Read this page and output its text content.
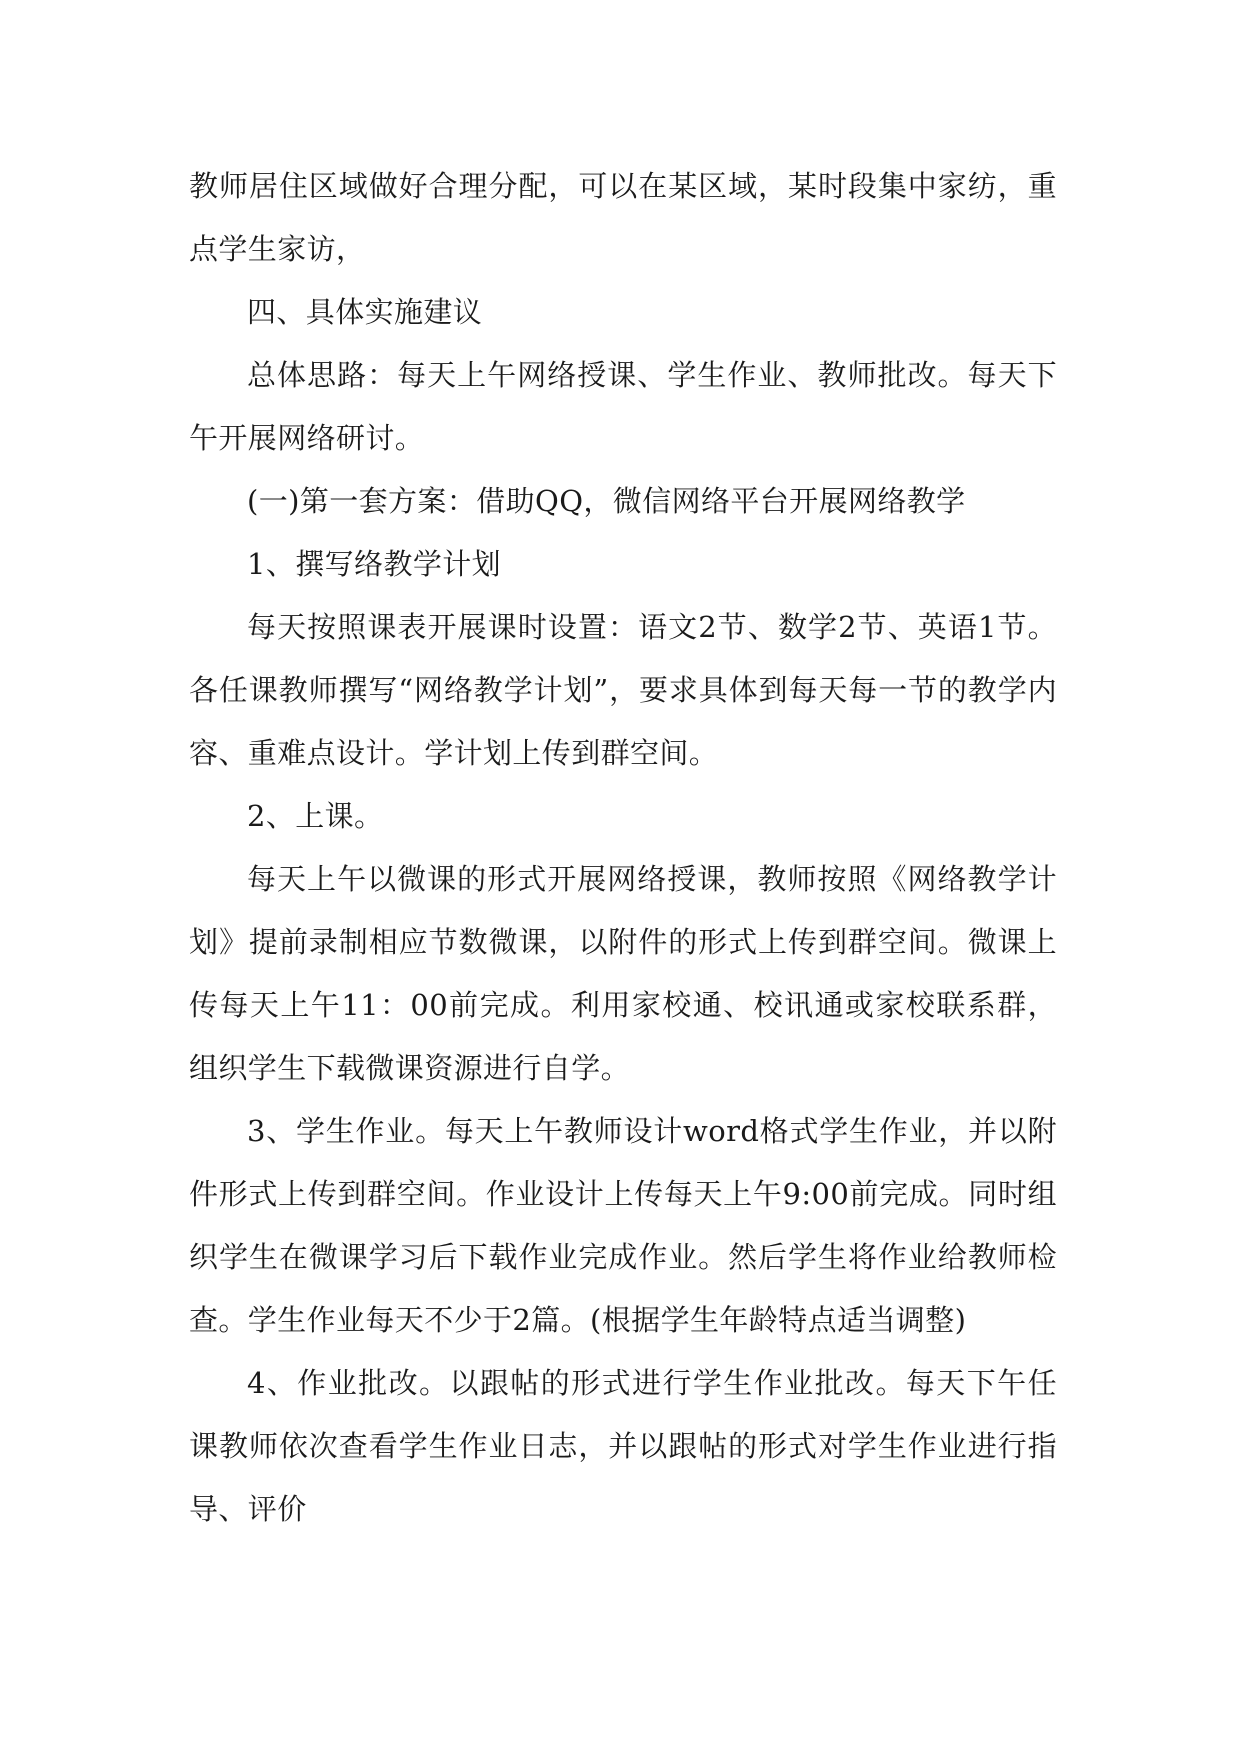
教师居住区域做好合理分配，可以在某区域，某时段集中家纺，重点学生家访，

四、具体实施建议

总体思路：每天上午网络授课、学生作业、教师批改。每天下午开展网络研讨。

(一)第一套方案：借助QQ，微信网络平台开展网络教学

1、撰写络教学计划

每天按照课表开展课时设置：语文2节、数学2节、英语1节。各任课教师撰写“网络教学计划”，要求具体到每天每一节的教学内容、重难点设计。学计划上传到群空间。

2、上课。

每天上午以微课的形式开展网络授课，教师按照《网络教学计划》提前录制相应节数微课，以附件的形式上传到群空间。微课上传每天上午11：00前完成。利用家校通、校讯通或家校联系群，组织学生下载微课资源进行自学。

3、学生作业。每天上午教师设计word格式学生作业，并以附件形式上传到群空间。作业设计上传每天上午9:00前完成。同时组织学生在微课学习后下载作业完成作业。然后学生将作业给教师检查。学生作业每天不少于2篇。(根据学生年龄特点适当调整)

4、作业批改。以跟帖的形式进行学生作业批改。每天下午任课教师依次查看学生作业日志，并以跟帖的形式对学生作业进行指导、评价
